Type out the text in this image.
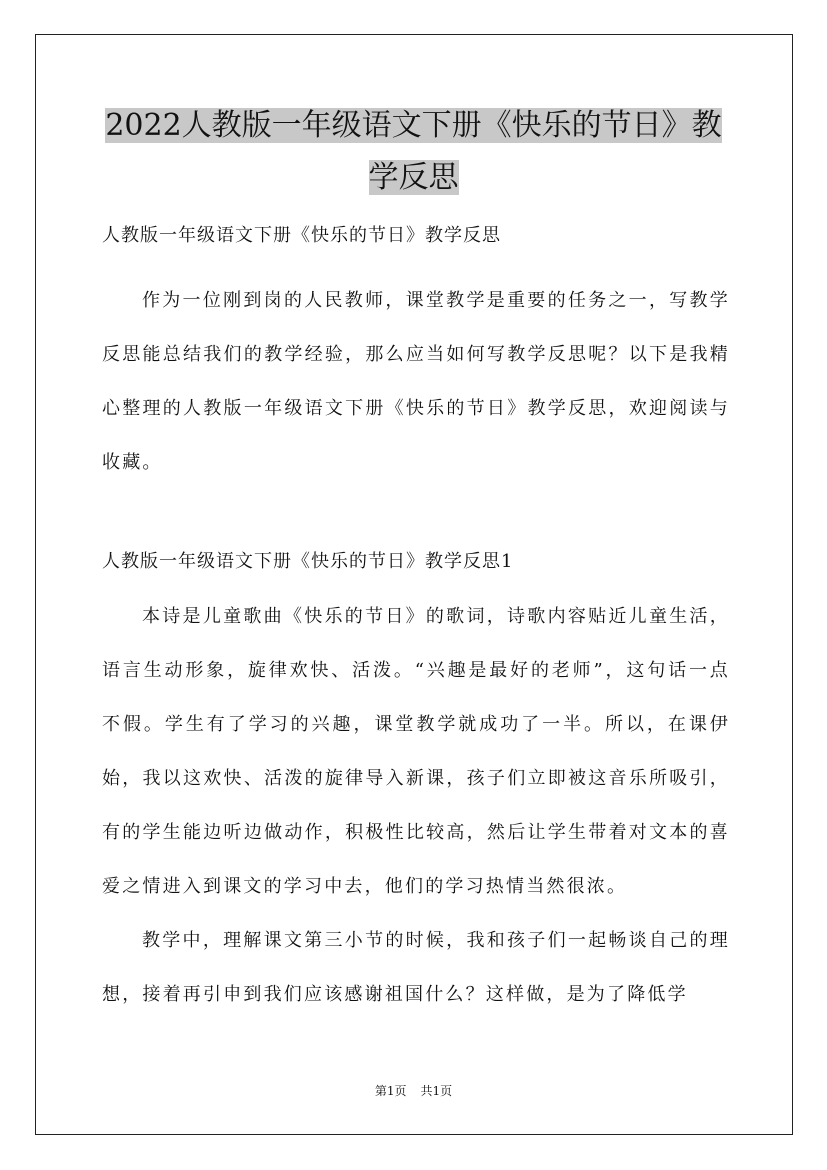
2022人教版一年级语文下册《快乐的节日》教
学反思
人教版一年级语文下册《快乐的节日》教学反思
作为一位刚到岗的人民教师，课堂教学是重要的任务之一，写教学反思能总结我们的教学经验，那么应当如何写教学反思呢？以下是我精心整理的人教版一年级语文下册《快乐的节日》教学反思，欢迎阅读与收藏。
人教版一年级语文下册《快乐的节日》教学反思1
本诗是儿童歌曲《快乐的节日》的歌词，诗歌内容贴近儿童生活，语言生动形象，旋律欢快、活泼。“兴趣是最好的老师”，这句话一点不假。学生有了学习的兴趣，课堂教学就成功了一半。所以，在课伊始，我以这欢快、活泼的旋律导入新课，孩子们立即被这音乐所吸引，有的学生能边听边做动作，积极性比较高，然后让学生带着对文本的喜爱之情进入到课文的学习中去，他们的学习热情当然很浓。
教学中，理解课文第三小节的时候，我和孩子们一起畅谈自己的理想，接着再引申到我们应该感谢祖国什么？这样做，是为了降低学
第1页 共1页
